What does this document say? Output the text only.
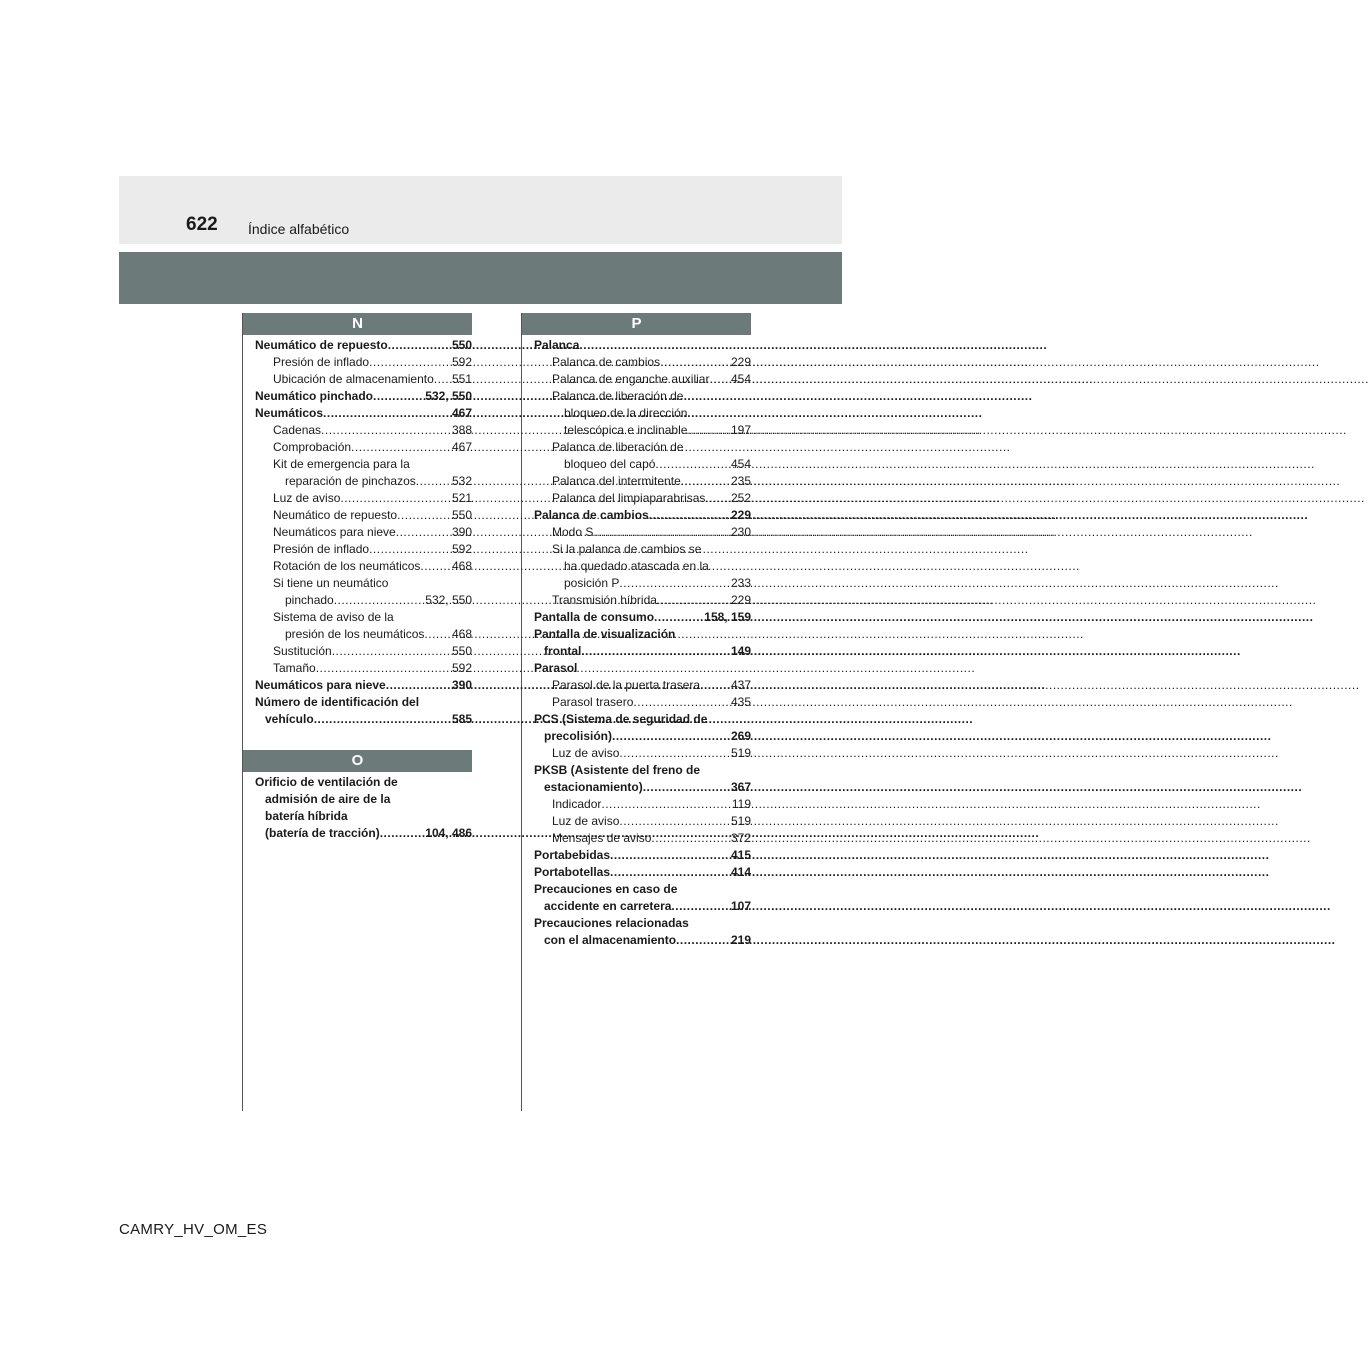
622 Índice alfabético
N
Neumático de repuesto .....	550
Presión de inflado .....	592
Ubicación de almacenamiento ..... 551
Neumático pinchado .....	532, 550
Neumáticos .....	467
Cadenas .....	388
Comprobación .....	467
Kit de emergencia para la
reparación de pinchazos .....	532
Luz de aviso .....	521
Neumático de repuesto .....	550
Neumáticos para nieve .....	390
Presión de inflado .....	592
Rotación de los neumáticos .....	468
Si tiene un neumático
pinchado .....	532, 550
Sistema de aviso de la
presión de los neumáticos ..... 468
Sustitución .....	550
Tamaño .....	592
Neumáticos para nieve .....	390
Número de identificación del
vehículo .....	585
O
Orificio de ventilación de
admisión de aire de la
batería híbrida
(batería de tracción) .....	104, 486
P
Palanca
Palanca de cambios .....	229
Palanca de enganche auxiliar ..... 454
Palanca de liberación de
bloqueo de la dirección
telescópica e inclinable .....	197
Palanca de liberación de
bloqueo del capó .....	454
Palanca del intermitente .....	235
Palanca del limpiaparabrisas ..... 252
Palanca de cambios .....	229
Modo S .....	230
Si la palanca de cambios se
ha quedado atascada en la
posición P .....	233
Transmisión híbrida .....	229
Pantalla de consumo .....	158, 159
Pantalla de visualización
frontal .....	149
Parasol
Parasol de la puerta trasera .....	437
Parasol trasero .....	435
PCS (Sistema de seguridad de
precolisión) .....	269
Luz de aviso .....	519
PKSB (Asistente del freno de
estacionamiento) .....	367
Indicador .....	119
Luz de aviso .....	519
Mensajes de aviso .....	372
Portabebidas .....	415
Portabotellas .....	414
Precauciones en caso de
accidente en carretera .....	107
Precauciones relacionadas
con el almacenamiento .....	219
CAMRY_HV_OM_ES
